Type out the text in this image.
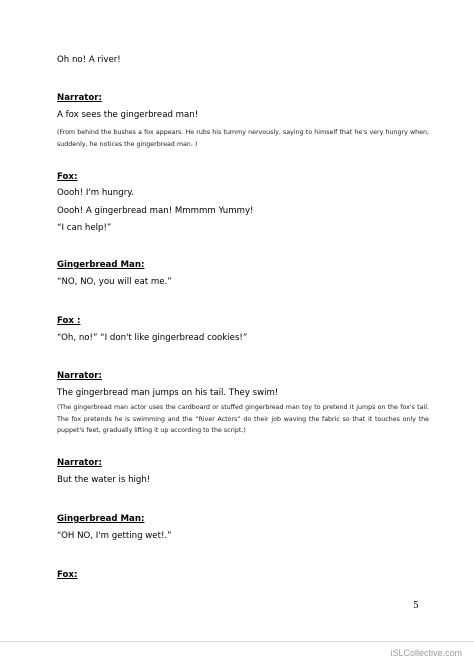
Oh no! A river!
Narrator:
A fox sees the gingerbread man!
(From behind the bushes a fox appears. He rubs his tummy nervously, saying to himself that he's very hungry when, suddenly, he notices the gingerbread man. )
Fox:
Oooh! I'm hungry.
Oooh! A gingerbread man! Mmmmm Yummy!
“I can help!”
Gingerbread Man:
“NO, NO, you will eat me.”
Fox :
“Oh, no!” “I don't like gingerbread cookies!”
Narrator:
The gingerbread man jumps on his tail. They swim!
(The gingerbread man actor uses the cardboard or stuffed gingerbread man toy to pretend it jumps on the fox's tail. The fox pretends he is swimming and the “River Actors” do their job waving the fabric so that it touches only the puppet's feet, gradually lifting it up according to the script.)
Narrator:
But the water is high!
Gingerbread Man:
“OH NO, I'm getting wet!.”
Fox:
5
iSLCollective.com
